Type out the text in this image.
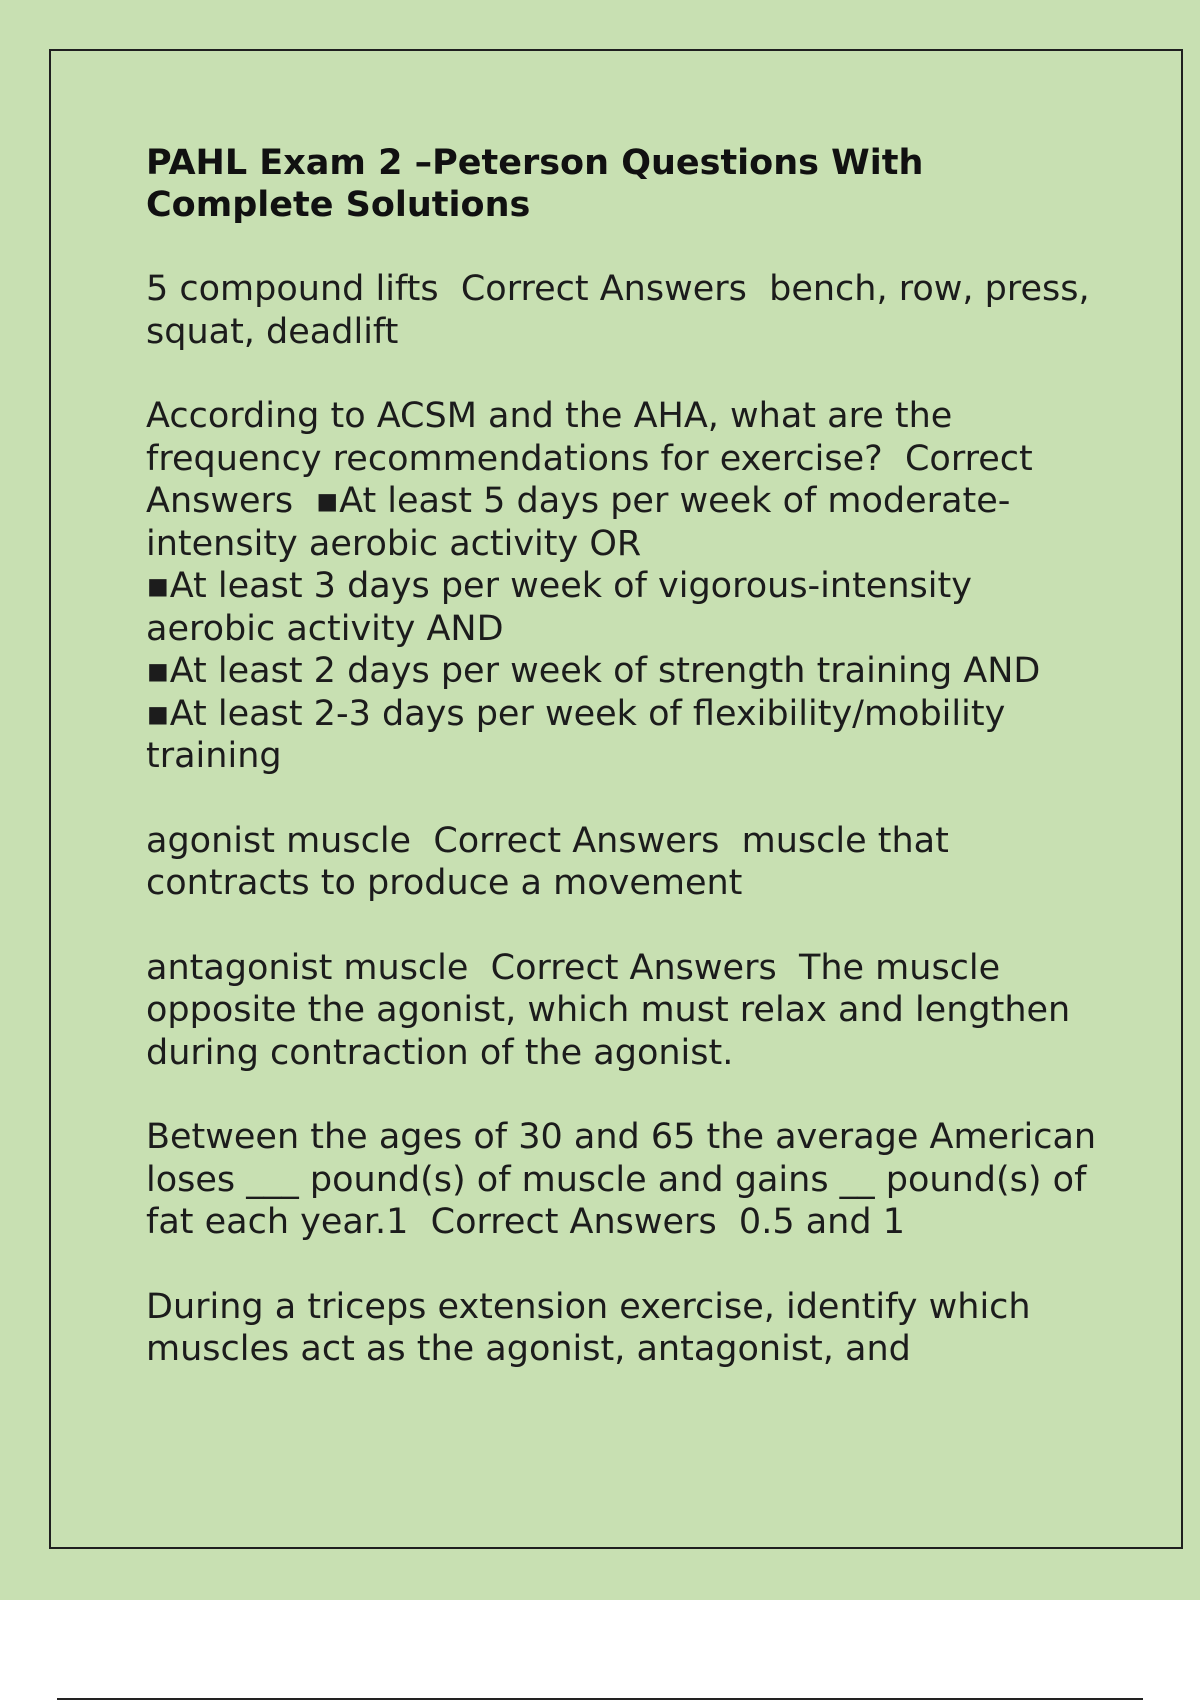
PAHL Exam 2 –Peterson Questions With Complete Solutions

5 compound lifts  Correct Answers  bench, row, press, squat, deadlift

According to ACSM and the AHA, what are the frequency recommendations for exercise?  Correct Answers  ▪At least 5 days per week of moderate-intensity aerobic activity OR
▪At least 3 days per week of vigorous-intensity aerobic activity AND
▪At least 2 days per week of strength training AND
▪At least 2-3 days per week of flexibility/mobility training

agonist muscle  Correct Answers  muscle that contracts to produce a movement

antagonist muscle  Correct Answers  The muscle opposite the agonist, which must relax and lengthen during contraction of the agonist.

Between the ages of 30 and 65 the average American loses ___ pound(s) of muscle and gains __ pound(s) of fat each year.1  Correct Answers  0.5 and 1

During a triceps extension exercise, identify which muscles act as the agonist, antagonist, and
